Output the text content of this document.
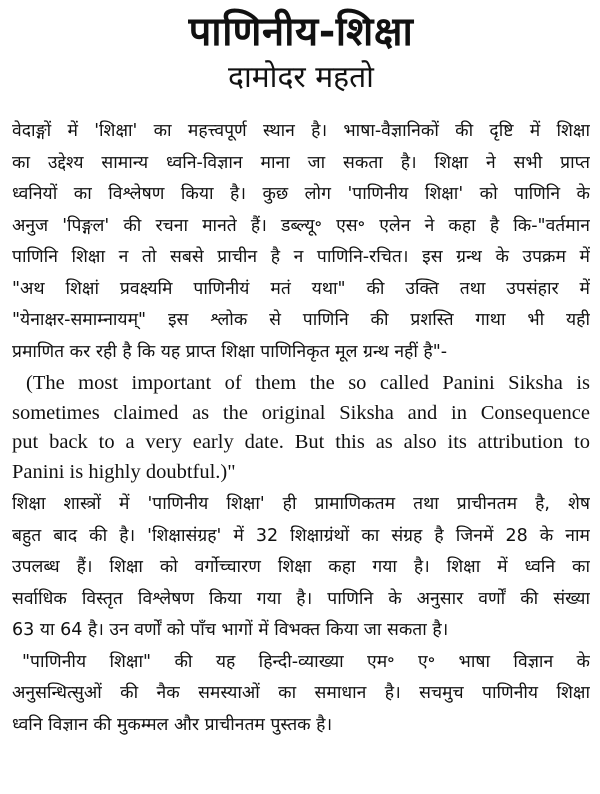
पाणिनीय-शिक्षा
दामोदर महतो
वेदाङ्गों में 'शिक्षा' का महत्त्वपूर्ण स्थान है। भाषा-वैज्ञानिकों की दृष्टि में शिक्षा
का उद्देश्य सामान्य ध्वनि-विज्ञान माना जा सकता है। शिक्षा ने सभी प्राप्त
ध्वनियों का विश्लेषण किया है। कुछ लोग 'पाणिनीय शिक्षा' को पाणिनि के
अनुज 'पिङ्गल' की रचना मानते हैं। डब्ल्यू॰ एस॰ एलेन ने कहा है कि-"वर्तमान
पाणिनि शिक्षा न तो सबसे प्राचीन है न पाणिनि-रचित। इस ग्रन्थ के उपक्रम में
"अथ शिक्षां प्रवक्ष्यमि पाणिनीयं मतं यथा" की उक्ति तथा उपसंहार में
"येनाक्षर-समाम्नायम्" इस श्लोक से पाणिनि की प्रशस्ति गाथा भी यही
प्रमाणित कर रही है कि यह प्राप्त शिक्षा पाणिनिकृत मूल ग्रन्थ नहीं है"-
(The most important of them the so called Panini Siksha is
sometimes claimed as the original Siksha and in Consequence
put back to a very early date. But this as also its attribution to
Panini is highly doubtful.)"
शिक्षा शास्त्रों में 'पाणिनीय शिक्षा' ही प्रामाणिकतम तथा प्राचीनतम है, शेष
बहुत बाद की है। 'शिक्षासंग्रह' में 32 शिक्षाग्रंथों का संग्रह है जिनमें 28 के नाम
उपलब्ध हैं। शिक्षा को वर्गोच्चारण शिक्षा कहा गया है। शिक्षा में ध्वनि का
सर्वाधिक विस्तृत विश्लेषण किया गया है। पाणिनि के अनुसार वर्णों की संख्या
63 या 64 है। उन वर्णों को पाँच भागों में विभक्त किया जा सकता है।
"पाणिनीय शिक्षा" की यह हिन्दी-व्याख्या एम॰ ए॰ भाषा विज्ञान के
अनुसन्धित्सुओं की नैक समस्याओं का समाधान है। सचमुच पाणिनीय शिक्षा
ध्वनि विज्ञान की मुकम्मल और प्राचीनतम पुस्तक है।
